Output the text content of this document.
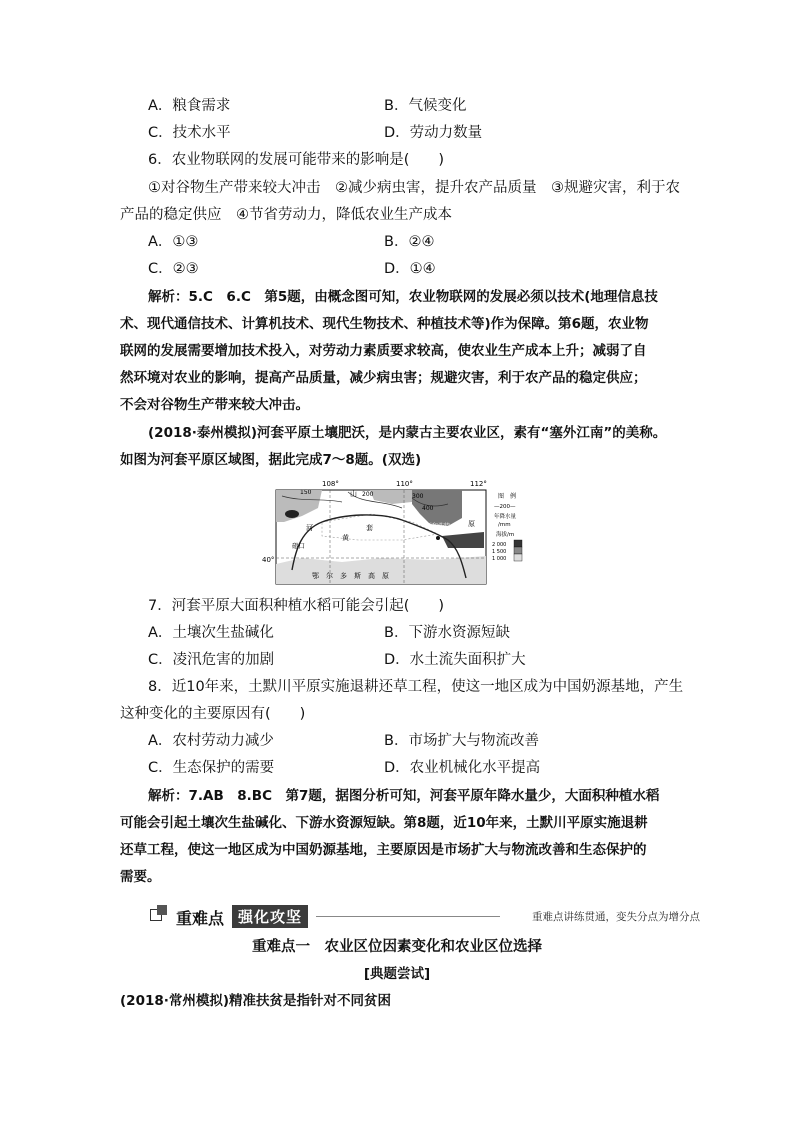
A．粮食需求	B．气候变化
C．技术水平	D．劳动力数量
6．农业物联网的发展可能带来的影响是(　　)
①对谷物生产带来较大冲击　②减少病虫害，提升农产品质量　③规避灾害，利于农
产品的稳定供应　④节省劳动力，降低农业生产成本
A．①③	B．②④
C．②③	D．①④
解析：5.C　6.C　第5题，由概念图可知，农业物联网的发展必须以技术(地理信息技
术、现代通信技术、计算机技术、现代生物技术、种植技术等)作为保障。第6题，农业物
联网的发展需要增加技术投入，对劳动力素质要求较高，使农业生产成本上升；减弱了自
然环境对农业的影响，提高产品质量，减少病虫害；规避灾害，利于农产品的稳定供应；
不会对谷物生产带来较大冲击。
(2018·泰州模拟)河套平原土壤肥沃，是内蒙古主要农业区，素有“塞外江南”的美称。
如图为河套平原区域图，据此完成7～8题。(双选)
图　例
—200—
年降水量
/mm
海拔/m
2 000
1 500
1 000
108°	110°	112°
40°
150	200	300
400
山
河	套
黄
磴口
呼和浩特	原
鄂　尔　多　斯　高　原
7．河套平原大面积种植水稻可能会引起(　　)
A．土壤次生盐碱化	B．下游水资源短缺
C．凌汛危害的加剧	D．水土流失面积扩大
8．近10年来，土默川平原实施退耕还草工程，使这一地区成为中国奶源基地，产生
这种变化的主要原因有(　　)
A．农村劳动力减少	B．市场扩大与物流改善
C．生态保护的需要	D．农业机械化水平提高
解析：7.AB　8.BC　第7题，据图分析可知，河套平原年降水量少，大面积种植水稻
可能会引起土壤次生盐碱化、下游水资源短缺。第8题，近10年来，土默川平原实施退耕
还草工程，使这一地区成为中国奶源基地，主要原因是市场扩大与物流改善和生态保护的
需要。
重难点 强化攻坚	重难点讲练贯通，变失分点为增分点
重难点一　农业区位因素变化和农业区位选择
[典题尝试]
(2018·常州模拟)精准扶贫是指针对不同贫困
